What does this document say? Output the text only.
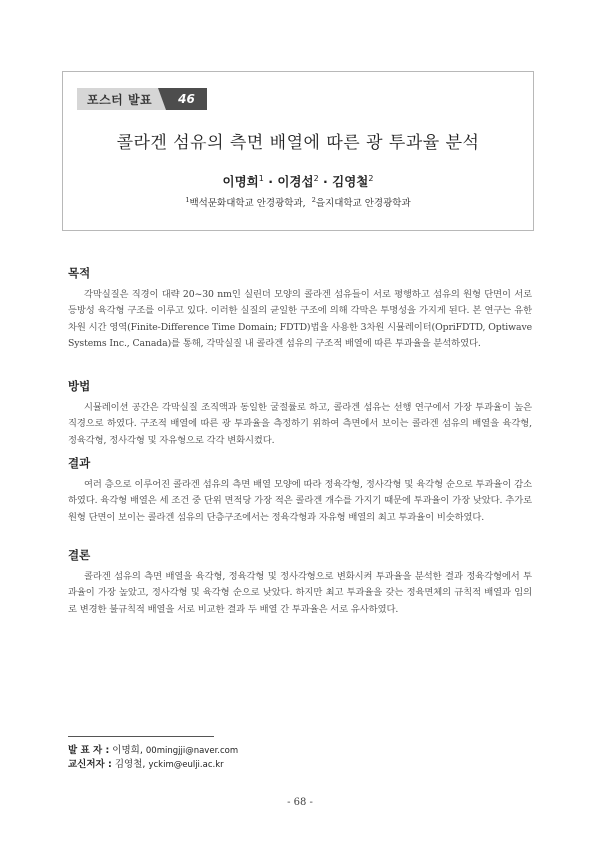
포스터 발표	46
콜라겐 섬유의 측면 배열에 따른 광 투과율 분석
이명희$^1$ · 이경섭$^2$ · 김영철$^2$
$^1$백석문화대학교 안경광학과, $^2$을지대학교 안경광학과
목적

각막실질은 직경이 대략 20~30 nm인 실린더 모양의 콜라겐 섬유들이 서로 평행하고 섬유의 원형 단면이 서로 등방성 육각형 구조를 이루고 있다. 이러한 실질의 균일한 구조에 의해 각막은 투명성을 가지게 된다. 본 연구는 유한 차원 시간 영역(Finite-Difference Time Domain; FDTD)법을 사용한 3차원 시뮬레이터(OpriFDTD, Optiwave Systems Inc., Canada)를 통해, 각막실질 내 콜라겐 섬유의 구조적 배열에 따른 투과율을 분석하였다.

방법

시뮬레이션 공간은 각막실질 조직액과 동일한 굴절률로 하고, 콜라겐 섬유는 선행 연구에서 가장 투과율이 높은 직경으로 하였다. 구조적 배열에 따른 광 투과율을 측정하기 위하여 측면에서 보이는 콜라겐 섬유의 배열을 육각형, 정육각형, 정사각형 및 자유형으로 각각 변화시켰다.

결과

여러 층으로 이루어진 콜라겐 섬유의 측면 배열 모양에 따라 정육각형, 정사각형 및 육각형 순으로 투과율이 감소하였다. 육각형 배열은 세 조건 중 단위 면적당 가장 적은 콜라겐 개수를 가지기 때문에 투과율이 가장 낮았다. 추가로 원형 단면이 보이는 콜라겐 섬유의 단층구조에서는 정육각형과 자유형 배열의 최고 투과율이 비슷하였다.

결론

콜라겐 섬유의 측면 배열을 육각형, 정육각형 및 정사각형으로 변화시켜 투과율을 분석한 결과 정육각형에서 투과율이 가장 높았고, 정사각형 및 육각형 순으로 낮았다. 하지만 최고 투과율을 갖는 정육면체의 규칙적 배열과 임의로 변경한 불규칙적 배열을 서로 비교한 결과 두 배열 간 투과율은 서로 유사하였다.

발 표 자 : 이명희, 00mingjji@naver.com
교신저자 : 김영철, yckim@eulji.ac.kr
- 68 -
